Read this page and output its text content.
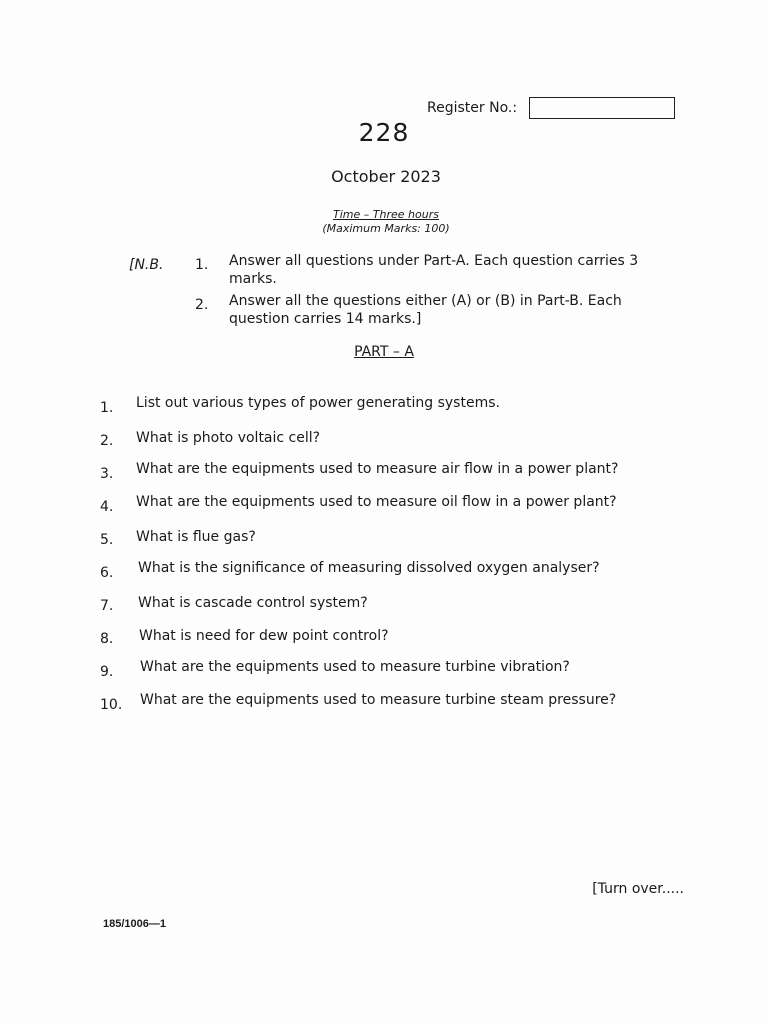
Register No.:
228
October 2023
Time – Three hours
(Maximum Marks: 100)
[N.B. 1. Answer all questions under Part-A. Each question carries 3 marks.
2. Answer all the questions either (A) or (B) in Part-B. Each question carries 14 marks.]
PART – A
1. List out various types of power generating systems.
2. What is photo voltaic cell?
3. What are the equipments used to measure air flow in a power plant?
4. What are the equipments used to measure oil flow in a power plant?
5. What is flue gas?
6. What is the significance of measuring dissolved oxygen analyser?
7. What is cascade control system?
8. What is need for dew point control?
9. What are the equipments used to measure turbine vibration?
10. What are the equipments used to measure turbine steam pressure?
[Turn over.....
185/1006—1
